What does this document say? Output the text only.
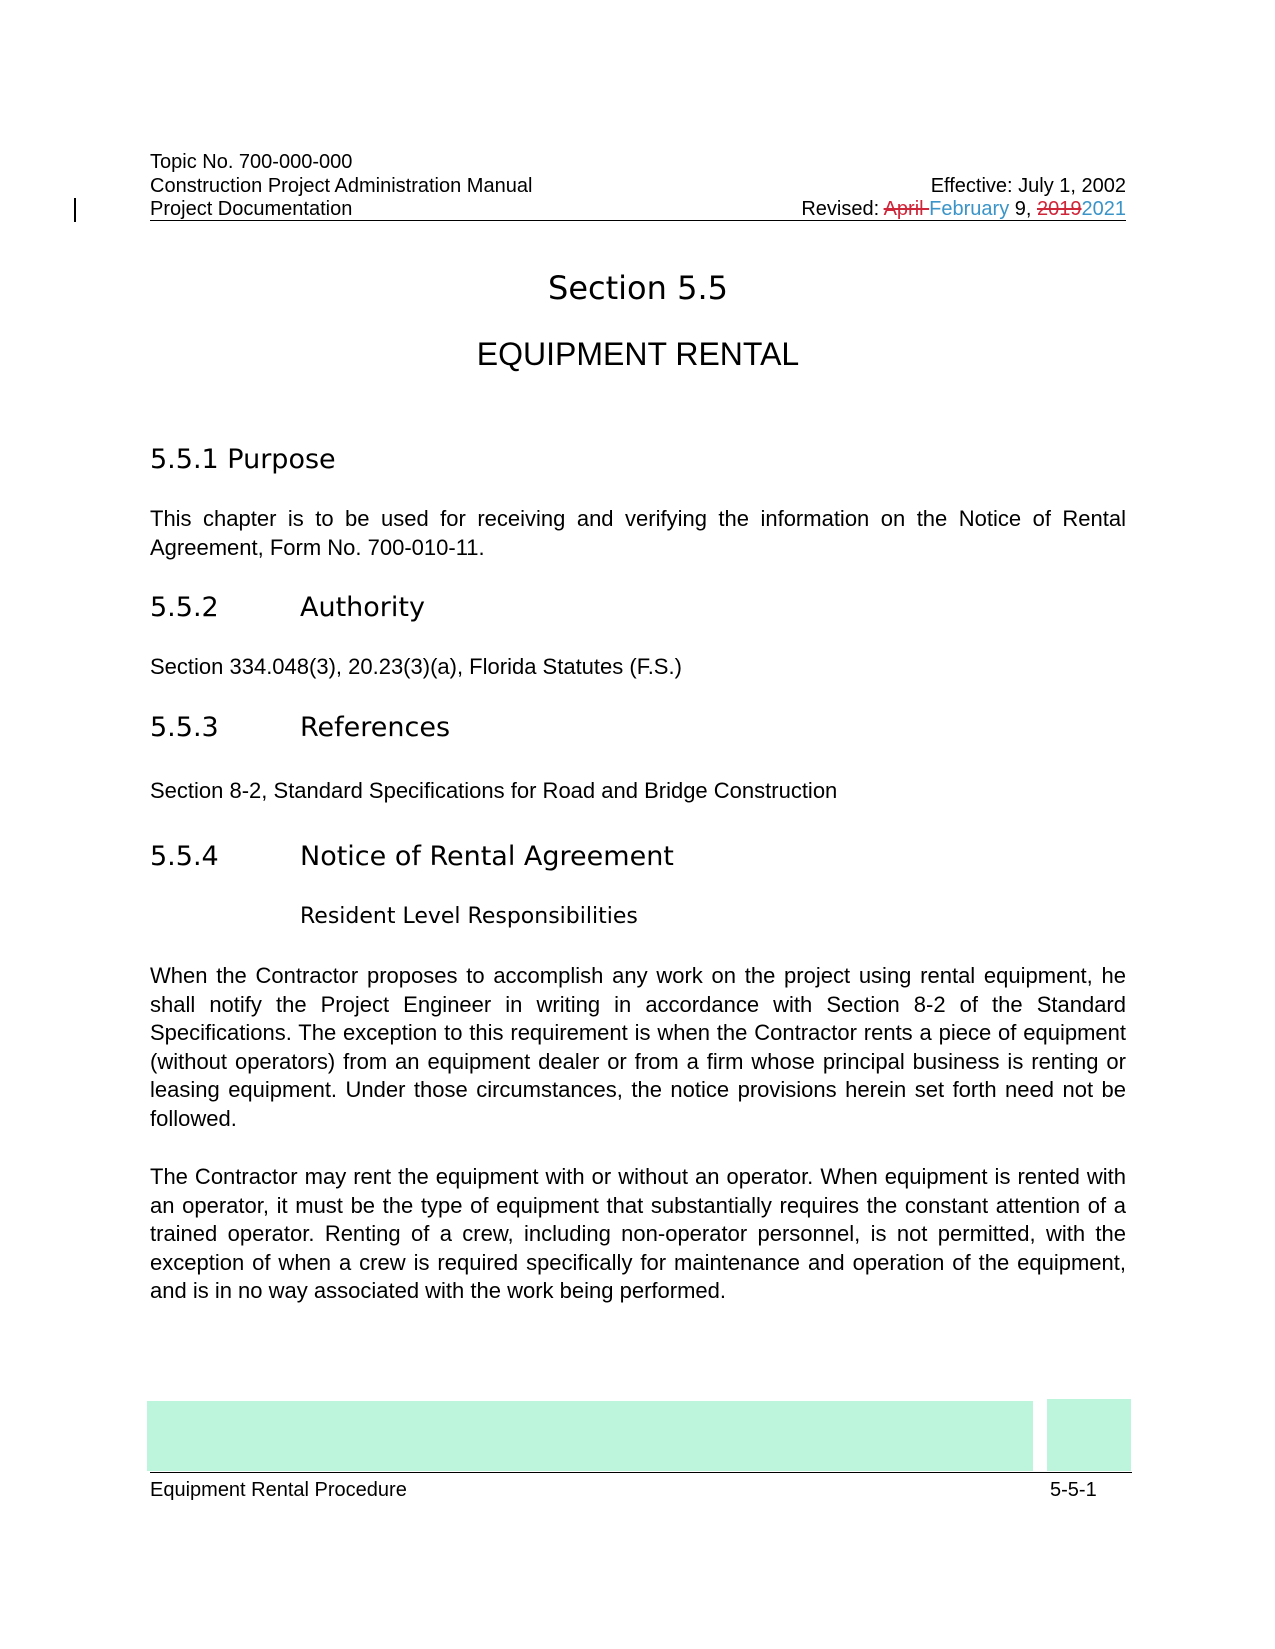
Topic No. 700-000-000
Construction Project Administration Manual	Effective: July 1, 2002
Project Documentation	Revised: April February 9, 20192021
Section 5.5
EQUIPMENT RENTAL
5.5.1 Purpose

This chapter is to be used for receiving and verifying the information on the Notice of Rental Agreement, Form No. 700-010-11.

5.5.2	Authority

Section 334.048(3), 20.23(3)(a), Florida Statutes (F.S.)

5.5.3	References

Section 8-2, Standard Specifications for Road and Bridge Construction

5.5.4	Notice of Rental Agreement
Resident Level Responsibilities

When the Contractor proposes to accomplish any work on the project using rental equipment, he shall notify the Project Engineer in writing in accordance with Section 8-2 of the Standard Specifications. The exception to this requirement is when the Contractor rents a piece of equipment (without operators) from an equipment dealer or from a firm whose principal business is renting or leasing equipment. Under those circumstances, the notice provisions herein set forth need not be followed.

The Contractor may rent the equipment with or without an operator. When equipment is rented with an operator, it must be the type of equipment that substantially requires the constant attention of a trained operator. Renting of a crew, including non-operator personnel, is not permitted, with the exception of when a crew is required specifically for maintenance and operation of the equipment, and is in no way associated with the work being performed.

Equipment Rental Procedure	5-5-1
